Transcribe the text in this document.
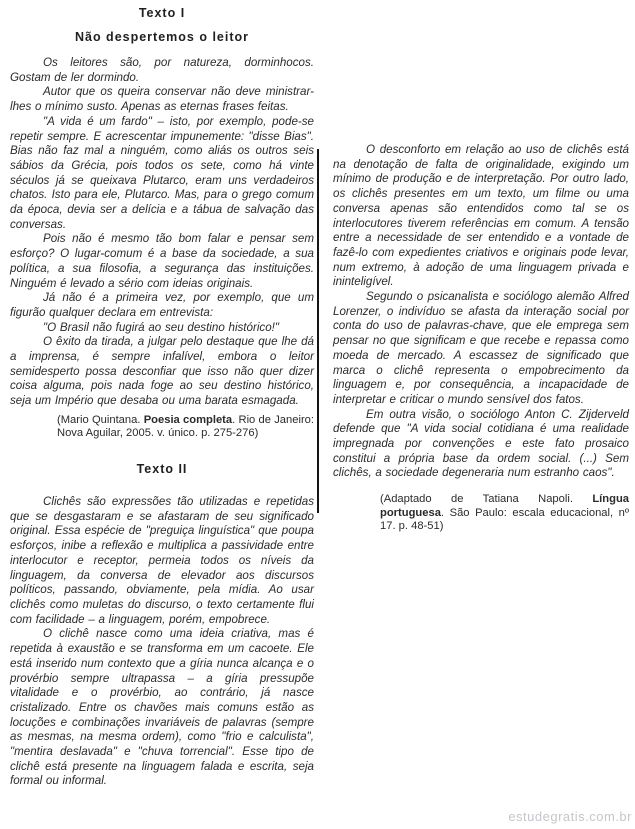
Texto I
Não despertemos o leitor

Os leitores são, por natureza, dorminhocos. Gostam de ler dormindo.

Autor que os queira conservar não deve ministrar-lhes o mínimo susto. Apenas as eternas frases feitas.

"A vida é um fardo" – isto, por exemplo, pode-se repetir sempre. E acrescentar impunemente: "disse Bias". Bias não faz mal a ninguém, como aliás os outros seis sábios da Grécia, pois todos os sete, como há vinte séculos já se queixava Plutarco, eram uns verdadeiros chatos. Isto para ele, Plutarco. Mas, para o grego comum da época, devia ser a delícia e a tábua de salvação das conversas.

Pois não é mesmo tão bom falar e pensar sem esforço? O lugar-comum é a base da sociedade, a sua política, a sua filosofia, a segurança das instituições. Ninguém é levado a sério com ideias originais.

Já não é a primeira vez, por exemplo, que um figurão qualquer declara em entrevista:

"O Brasil não fugirá ao seu destino histórico!"

O êxito da tirada, a julgar pelo destaque que lhe dá a imprensa, é sempre infalível, embora o leitor semidesperto possa desconfiar que isso não quer dizer coisa alguma, pois nada foge ao seu destino histórico, seja um Império que desaba ou uma barata esmagada.

(Mario Quintana. Poesia completa. Rio de Janeiro: Nova Aguilar, 2005. v. único. p. 275-276)
Texto II

Clichês são expressões tão utilizadas e repetidas que se desgastaram e se afastaram de seu significado original. Essa espécie de "preguiça linguística" que poupa esforços, inibe a reflexão e multiplica a passividade entre interlocutor e receptor, permeia todos os níveis da linguagem, da conversa de elevador aos discursos políticos, passando, obviamente, pela mídia. Ao usar clichês como muletas do discurso, o texto certamente flui com facilidade – a linguagem, porém, empobrece.

O clichê nasce como uma ideia criativa, mas é repetida à exaustão e se transforma em um cacoete. Ele está inserido num contexto que a gíria nunca alcança e o provérbio sempre ultrapassa – a gíria pressupõe vitalidade e o provérbio, ao contrário, já nasce cristalizado. Entre os chavões mais comuns estão as locuções e combinações invariáveis de palavras (sempre as mesmas, na mesma ordem), como "frio e calculista", "mentira deslavada" e "chuva torrencial". Esse tipo de clichê está presente na linguagem falada e escrita, seja formal ou informal.

O desconforto em relação ao uso de clichês está na denotação de falta de originalidade, exigindo um mínimo de produção e de interpretação. Por outro lado, os clichês presentes em um texto, um filme ou uma conversa apenas são entendidos como tal se os interlocutores tiverem referências em comum. A tensão entre a necessidade de ser entendido e a vontade de fazê-lo com expedientes criativos e originais pode levar, num extremo, à adoção de uma linguagem privada e ininteligível.

Segundo o psicanalista e sociólogo alemão Alfred Lorenzer, o indivíduo se afasta da interação social por conta do uso de palavras-chave, que ele emprega sem pensar no que significam e que recebe e repassa como moeda de mercado. A escassez de significado que marca o clichê representa o empobrecimento da linguagem e, por consequência, a incapacidade de interpretar e criticar o mundo sensível dos fatos.

Em outra visão, o sociólogo Anton C. Zijderveld defende que "A vida social cotidiana é uma realidade impregnada por convenções e este fato prosaico constitui a própria base da ordem social. (...) Sem clichês, a sociedade degeneraria num estranho caos".

(Adaptado de Tatiana Napoli. Língua portuguesa. São Paulo: escala educacional, nº 17. p. 48-51)
estudegratis.com.br
